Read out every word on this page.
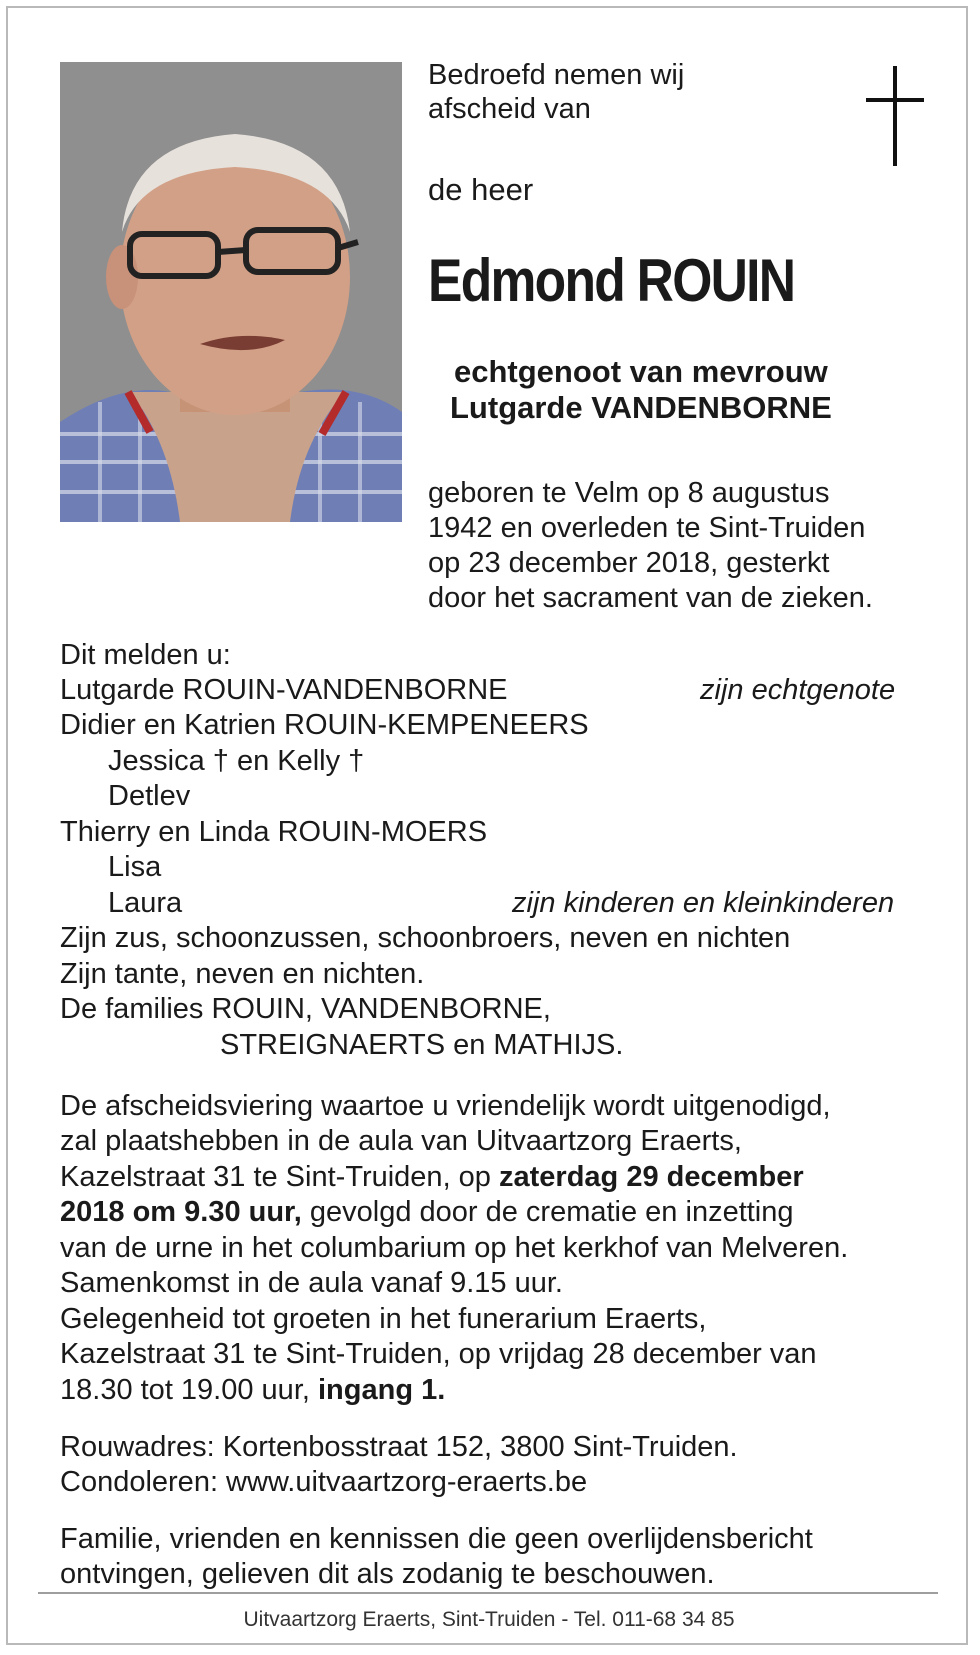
Bedroefd nemen wij
afscheid van
de heer
Edmond ROUIN
echtgenoot van mevrouw
Lutgarde VANDENBORNE
geboren te Velm op 8 augustus
1942 en overleden te Sint-Truiden
op 23 december 2018, gesterkt
door het sacrament van de zieken.
Dit melden u:
Lutgarde ROUIN-VANDENBORNE	zijn echtgenote
Didier en Katrien ROUIN-KEMPENEERS
Jessica † en Kelly †
Detlev
Thierry en Linda ROUIN-MOERS
Lisa
Laura	zijn kinderen en kleinkinderen
Zijn zus, schoonzussen, schoonbroers, neven en nichten
Zijn tante, neven en nichten.
De families ROUIN, VANDENBORNE,
STREIGNAERTS en MATHIJS.
De afscheidsviering waartoe u vriendelijk wordt uitgenodigd,
zal plaatshebben in de aula van Uitvaartzorg Eraerts,
Kazelstraat 31 te Sint-Truiden, op zaterdag 29 december
2018 om 9.30 uur, gevolgd door de crematie en inzetting
van de urne in het columbarium op het kerkhof van Melveren.
Samenkomst in de aula vanaf 9.15 uur.
Gelegenheid tot groeten in het funerarium Eraerts,
Kazelstraat 31 te Sint-Truiden, op vrijdag 28 december van
18.30 tot 19.00 uur, ingang 1.
Rouwadres: Kortenbosstraat 152, 3800 Sint-Truiden.
Condoleren: www.uitvaartzorg-eraerts.be
Familie, vrienden en kennissen die geen overlijdensbericht
ontvingen, gelieven dit als zodanig te beschouwen.
Uitvaartzorg Eraerts, Sint-Truiden - Tel. 011-68 34 85
